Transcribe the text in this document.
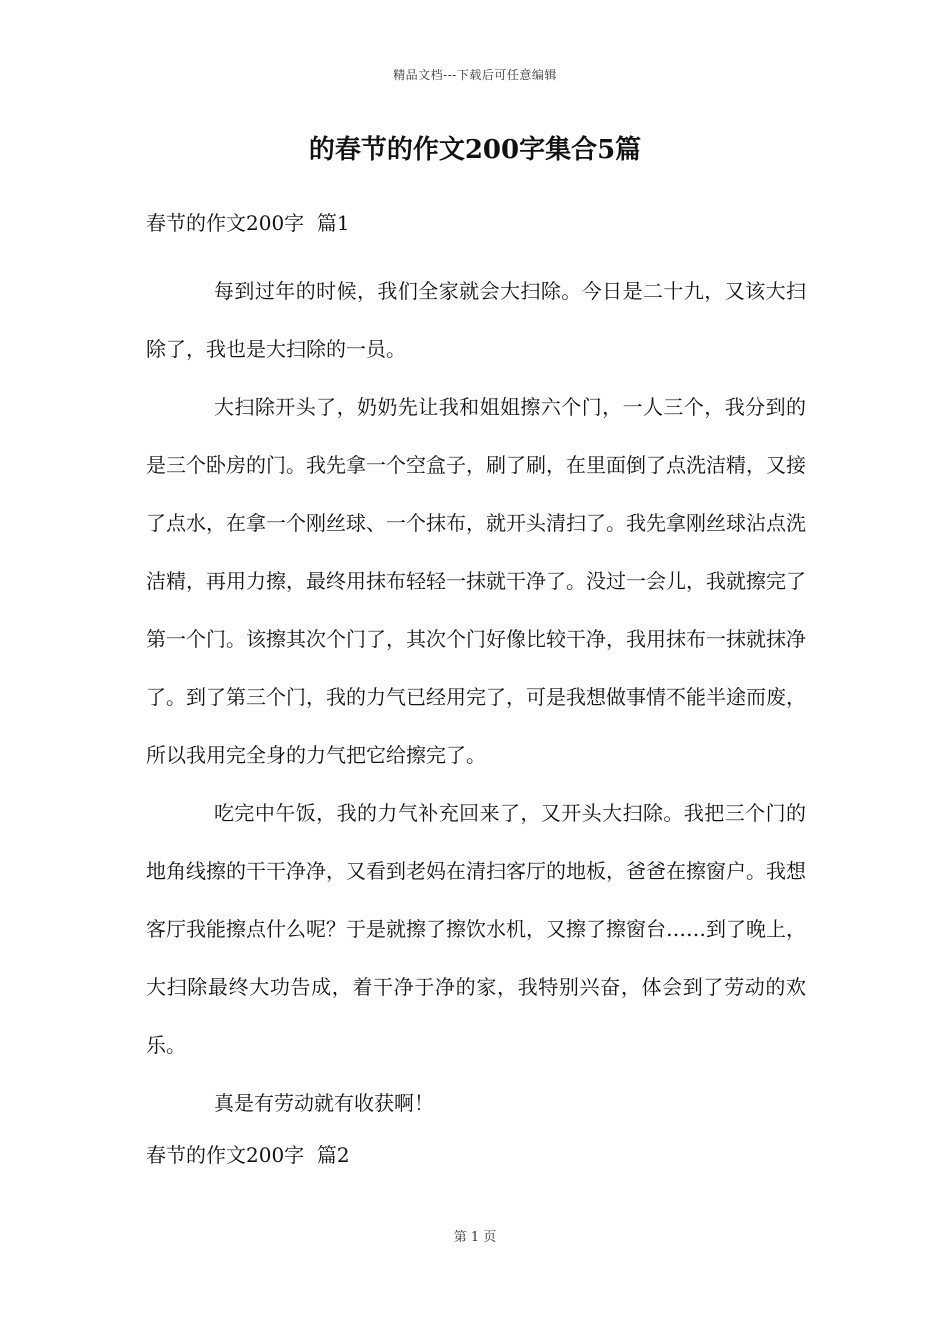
精品文档---下载后可任意编辑
的春节的作文200字集合5篇
春节的作文200字  篇1

每到过年的时候，我们全家就会大扫除。今日是二十九，又该大扫除了，我也是大扫除的一员。

大扫除开头了，奶奶先让我和姐姐擦六个门，一人三个，我分到的是三个卧房的门。我先拿一个空盒子，刷了刷，在里面倒了点洗洁精，又接了点水，在拿一个刚丝球、一个抹布，就开头清扫了。我先拿刚丝球沾点洗洁精，再用力擦，最终用抹布轻轻一抹就干净了。没过一会儿，我就擦完了第一个门。该擦其次个门了，其次个门好像比较干净，我用抹布一抹就抹净了。到了第三个门，我的力气已经用完了，可是我想做事情不能半途而废，所以我用完全身的力气把它给擦完了。

吃完中午饭，我的力气补充回来了，又开头大扫除。我把三个门的地角线擦的干干净净，又看到老妈在清扫客厅的地板，爸爸在擦窗户。我想客厅我能擦点什么呢？于是就擦了擦饮水机，又擦了擦窗台……到了晚上，大扫除最终大功告成，着干净于净的家，我特别兴奋，体会到了劳动的欢乐。

真是有劳动就有收获啊！

春节的作文200字  篇2
第 1 页
